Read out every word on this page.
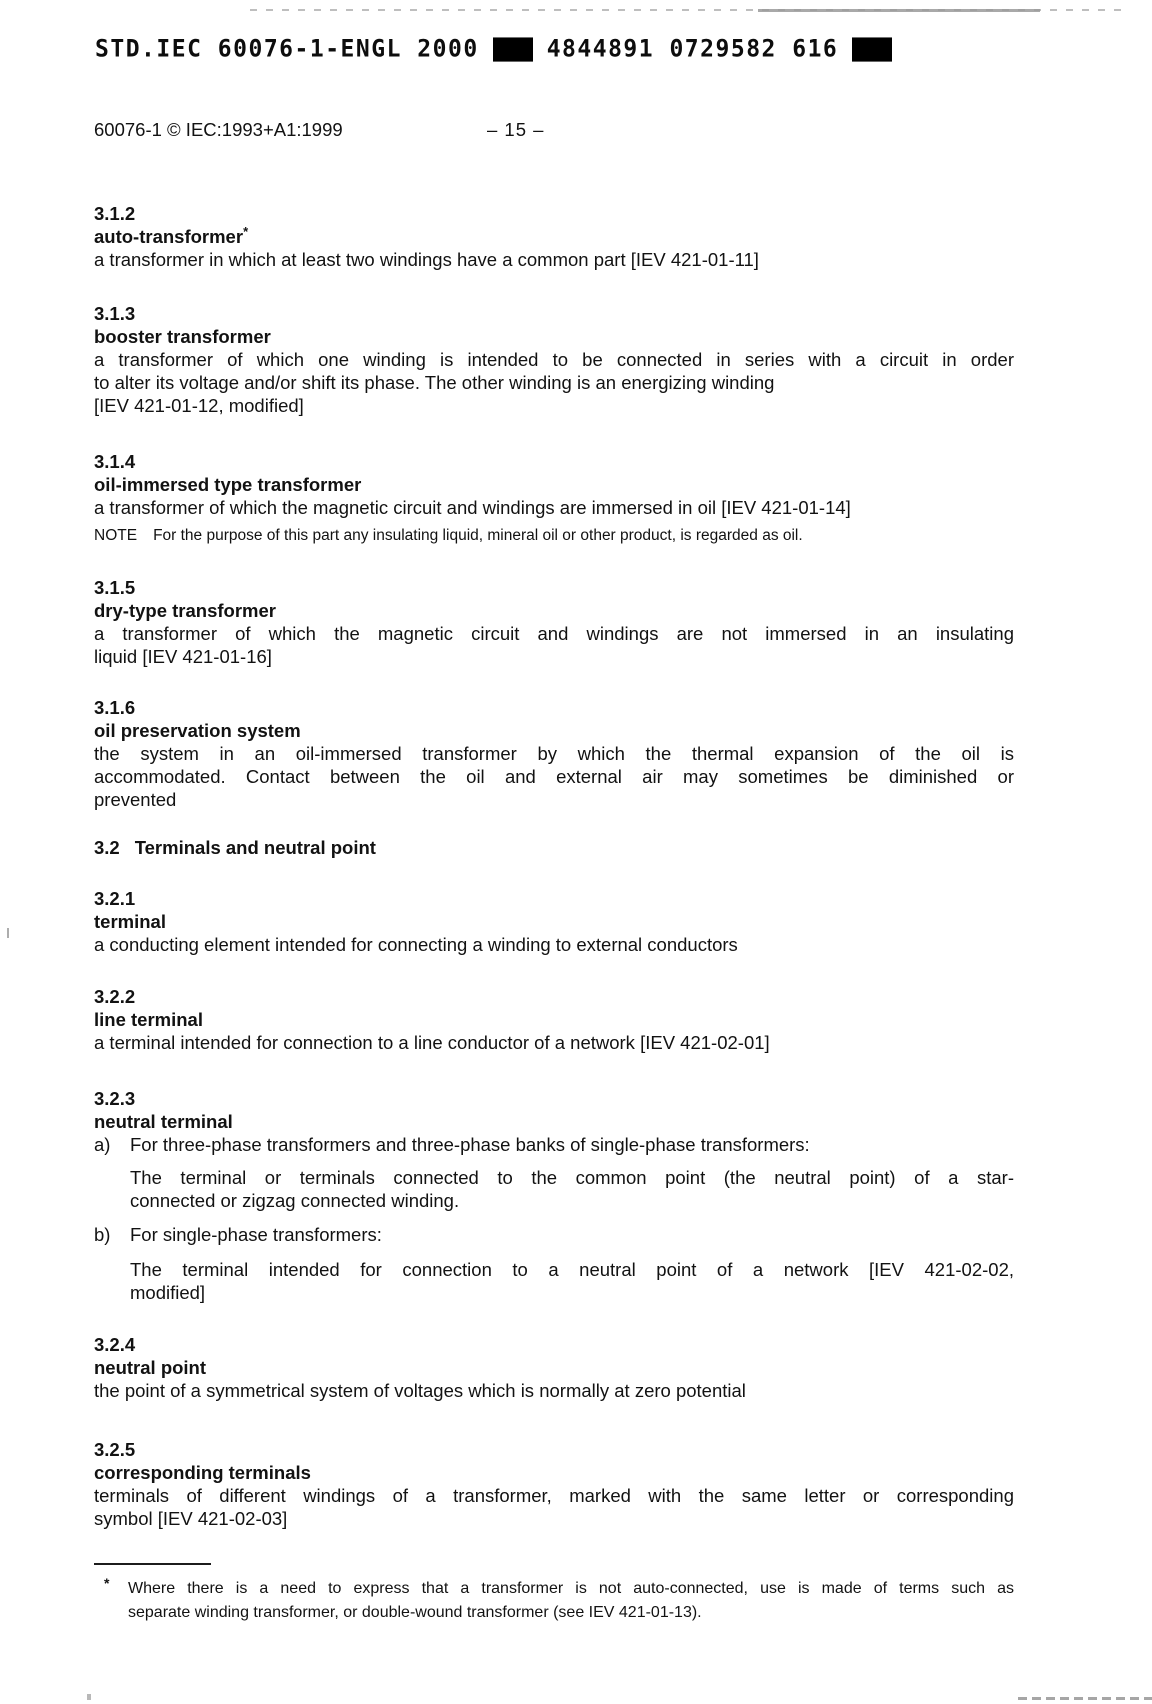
STD.IEC 60076-1-ENGL 2000	4844891 0729582 616
60076-1 © IEC:1993+A1:1999	– 15 –
3.1.2
auto-transformer*
a transformer in which at least two windings have a common part [IEV 421-01-11]
3.1.3
booster transformer
a transformer of which one winding is intended to be connected in series with a circuit in order
to alter its voltage and/or shift its phase. The other winding is an energizing winding
[IEV 421-01-12, modified]
3.1.4
oil-immersed type transformer
a transformer of which the magnetic circuit and windings are immersed in oil [IEV 421-01-14]
NOTE For the purpose of this part any insulating liquid, mineral oil or other product, is regarded as oil.
3.1.5
dry-type transformer
a transformer of which the magnetic circuit and windings are not immersed in an insulating
liquid [IEV 421-01-16]
3.1.6
oil preservation system
the system in an oil-immersed transformer by which the thermal expansion of the oil is
accommodated. Contact between the oil and external air may sometimes be diminished or
prevented
3.2 Terminals and neutral point
3.2.1
terminal
a conducting element intended for connecting a winding to external conductors
3.2.2
line terminal
a terminal intended for connection to a line conductor of a network [IEV 421-02-01]
3.2.3
neutral terminal
a)	For three-phase transformers and three-phase banks of single-phase transformers:
The terminal or terminals connected to the common point (the neutral point) of a star-
connected or zigzag connected winding.
b)	For single-phase transformers:
The terminal intended for connection to a neutral point of a network [IEV 421-02-02,
modified]
3.2.4
neutral point
the point of a symmetrical system of voltages which is normally at zero potential
3.2.5
corresponding terminals
terminals of different windings of a transformer, marked with the same letter or corresponding
symbol [IEV 421-02-03]
* Where there is a need to express that a transformer is not auto-connected, use is made of terms such as
separate winding transformer, or double-wound transformer (see IEV 421-01-13).
